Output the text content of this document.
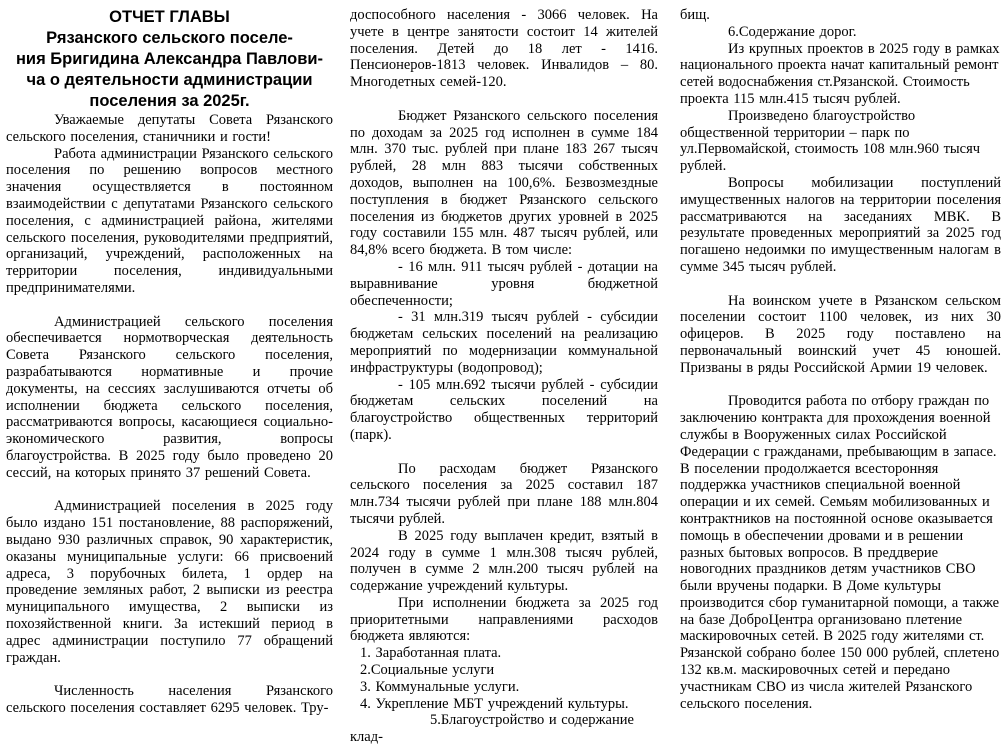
ОТЧЕТ ГЛАВЫ
Рязанского сельского поселе-
ния Бригидина Александра Павлови-
ча о деятельности администрации
поселения за 2025г.

Уважаемые депутаты Совета Рязанского сельского поселения, станичники и гости!

Работа администрации Рязанского сельского поселения по решению вопросов местного значения осуществляется в постоянном взаимодействии с депутатами Рязанского сельского поселения, с администрацией района, жителями сельского поселения, руководителями предприятий, организаций, учреждений, расположенных на территории поселения, индивидуальными предпринимателями.

Администрацией сельского поселения обеспечивается нормотворческая деятельность Совета Рязанского сельского поселения, разрабатываются нормативные и прочие документы, на сессиях заслушиваются отчеты об исполнении бюджета сельского поселения, рассматриваются вопросы, касающиеся социально-экономического развития, вопросы благоустройства. В 2025 году было проведено 20 сессий, на которых принято 37 решений Совета.

Администрацией поселения в 2025 году было издано 151 постановление, 88 распоряжений, выдано 930 различных справок, 90 характеристик, оказаны муниципальные услуги: 66 присвоений адреса, 3 порубочных билета, 1 ордер на проведение земляных работ, 2 выписки из реестра муниципального имущества, 2 выписки из похозяйственной книги. За истекший период в адрес администрации поступило 77 обращений граждан.

Численность населения Рязанского сельского поселения составляет 6295 человек. Тру-

доспособного населения - 3066 человек. На учете в центре занятости состоит 14 жителей поселения. Детей до 18 лет - 1416. Пенсионеров-1813 человек. Инвалидов – 80. Многодетных семей-120.

Бюджет Рязанского сельского поселения по доходам за 2025 год исполнен в сумме 184 млн. 370 тыс. рублей при плане 183 267 тысяч рублей, 28 млн 883 тысячи собственных доходов, выполнен на 100,6%. Безвозмездные поступления в бюджет Рязанского сельского поселения из бюджетов других уровней в 2025 году составили 155 млн. 487 тысяч рублей, или 84,8% всего бюджета. В том числе:

- 16 млн. 911 тысяч рублей - дотации на выравнивание уровня бюджетной обеспеченности;

- 31 млн.319 тысяч рублей - субсидии бюджетам сельских поселений на реализацию мероприятий по модернизации коммунальной инфраструктуры (водопровод);

- 105 млн.692 тысячи рублей - субсидии бюджетам сельских поселений на благоустройство общественных территорий (парк).

По расходам бюджет Рязанского сельского поселения за 2025 составил 187 млн.734 тысячи рублей при плане 188 млн.804 тысячи рублей.

В 2025 году выплачен кредит, взятый в 2024 году в сумме 1 млн.308 тысяч рублей, получен в сумме 2 млн.200 тысяч рублей на содержание учреждений культуры.

При исполнении бюджета за 2025 год приоритетными направлениями расходов бюджета являются:

1. Заработанная плата.

2.Социальные услуги

3. Коммунальные услуги.

4. Укрепление МБТ учреждений культуры.

5.Благоустройство и содержание клад-

бищ.

6.Содержание дорог.

Из крупных проектов в 2025 году в рамках национального проекта начат капитальный ремонт сетей водоснабжения ст.Рязанской. Стоимость проекта 115 млн.415 тысяч рублей.

Произведено благоустройство общественной территории – парк по ул.Первомайской, стоимость 108 млн.960 тысяч рублей.

Вопросы мобилизации поступлений имущественных налогов на территории поселения рассматриваются на заседаниях МВК. В результате проведенных мероприятий за 2025 год погашено недоимки по имущественным налогам в сумме 345 тысяч рублей.

На воинском учете в Рязанском сельском поселении состоит 1100 человек, из них 30 офицеров. В 2025 году поставлено на первоначальный воинский учет 45 юношей. Призваны в ряды Российской Армии 19 человек.

Проводится работа по отбору граждан по заключению контракта для прохождения военной службы в Вооруженных силах Российской Федерации с гражданами, пребывающим в запасе. В поселении продолжается всесторонняя поддержка участников специальной военной операции и их семей. Семьям мобилизованных и контрактников на постоянной основе оказывается помощь в обеспечении дровами и в решении разных бытовых вопросов. В преддверие новогодних праздников детям участников СВО были вручены подарки. В Доме культуры производится сбор гуманитарной помощи, а также на базе ДоброЦентра организовано плетение маскировочных сетей. В 2025 году жителями ст. Рязанской собрано более 150 000 рублей, сплетено 132 кв.м. маскировочных сетей и передано участникам СВО из числа жителей Рязанского сельского поселения.
